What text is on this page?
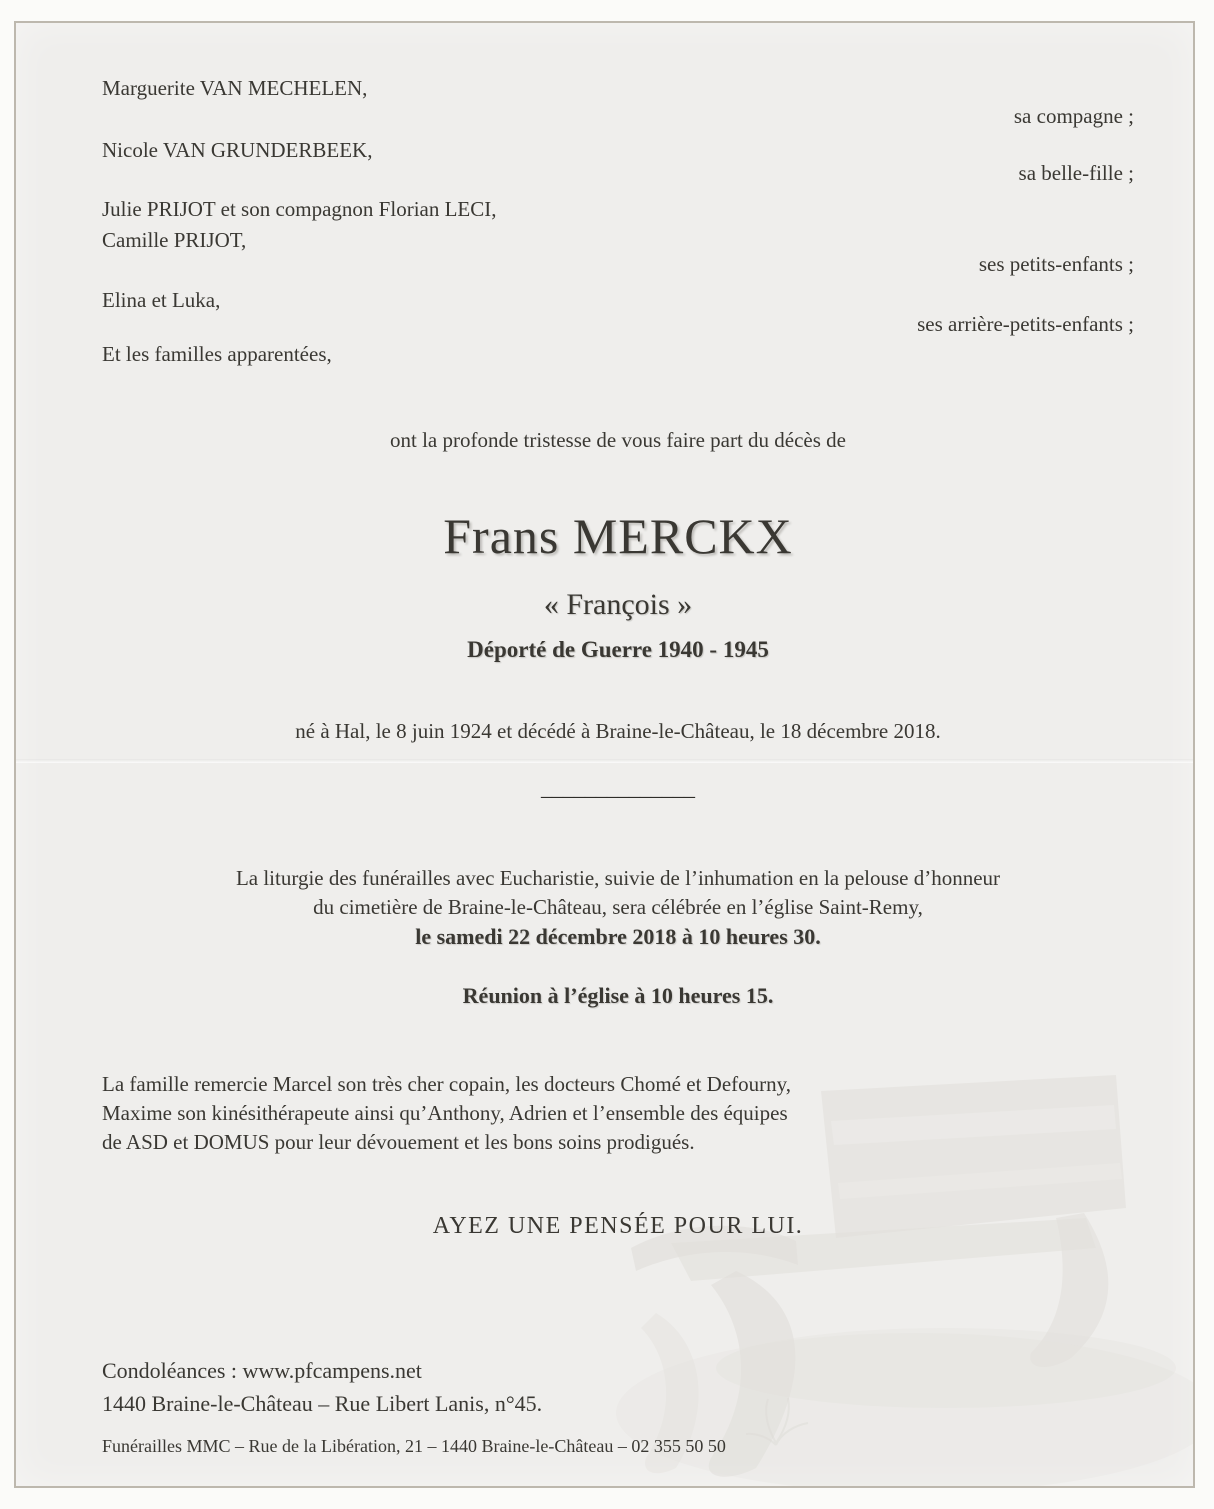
Marguerite VAN MECHELEN,
sa compagne ;
Nicole VAN GRUNDERBEEK,
sa belle-fille ;
Julie PRIJOT et son compagnon Florian LECI,
Camille PRIJOT,
ses petits-enfants ;
Elina et Luka,
ses arrière-petits-enfants ;
Et les familles apparentées,
ont la profonde tristesse de vous faire part du décès de
Frans MERCKX
« François »
Déporté de Guerre 1940 - 1945
né à Hal, le 8 juin 1924 et décédé à Braine-le-Château, le 18 décembre 2018.
______________
La liturgie des funérailles avec Eucharistie, suivie de l’inhumation en la pelouse d’honneur
du cimetière de Braine-le-Château, sera célébrée en l’église Saint-Remy,
le samedi 22 décembre 2018 à 10 heures 30.
Réunion à l’église à 10 heures 15.
La famille remercie Marcel son très cher copain, les docteurs Chomé et Defourny,
Maxime son kinésithérapeute ainsi qu’Anthony, Adrien et l’ensemble des équipes
de ASD et DOMUS pour leur dévouement et les bons soins prodigués.
AYEZ UNE PENSÉE POUR LUI.
Condoléances : www.pfcampens.net
1440 Braine-le-Château – Rue Libert Lanis, n°45.
Funérailles MMC – Rue de la Libération, 21 – 1440 Braine-le-Château – 02 355 50 50
